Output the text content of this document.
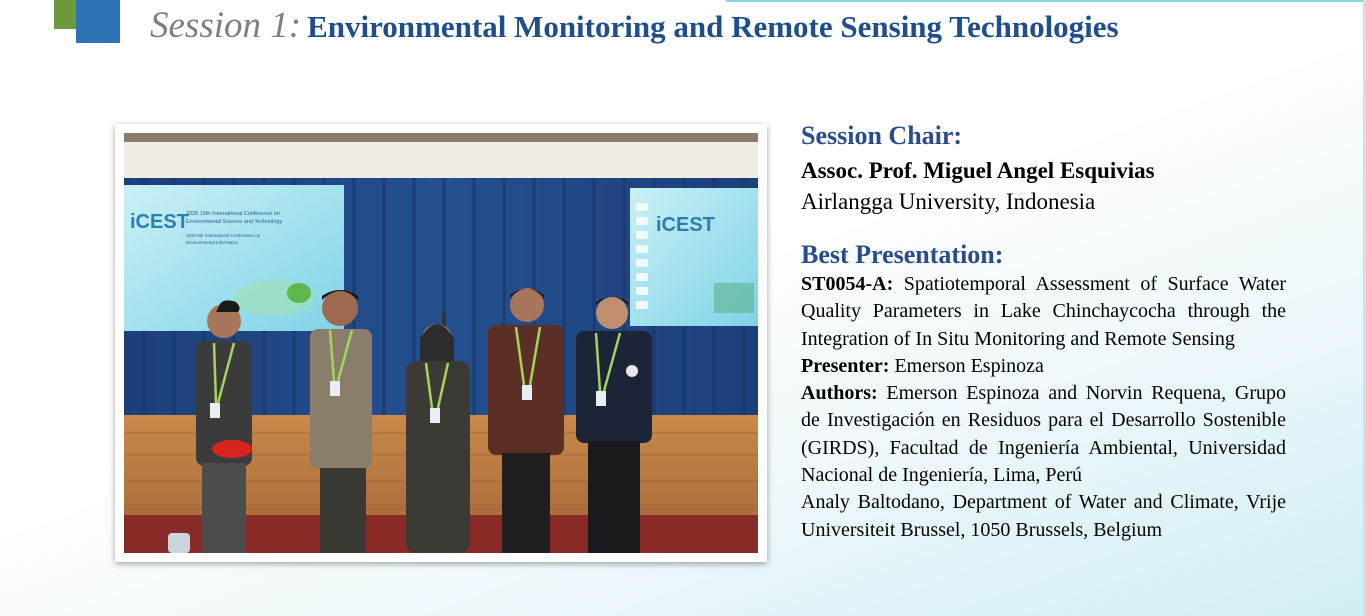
Session 1: Environmental Monitoring and Remote Sensing Technologies
iCEST
2025 16th International Conference on
Environmental Science and Technology
2025 6th International Conference on
Environmental Informatics
iCEST
Session Chair:
Assoc. Prof. Miguel Angel Esquivias
Airlangga University, Indonesia
Best Presentation:
ST0054-A: Spatiotemporal Assessment of Surface Water Quality Parameters in Lake Chinchaycocha through the Integration of In Situ Monitoring and Remote Sensing
Presenter: Emerson Espinoza
Authors: Emerson Espinoza and Norvin Requena, Grupo de Investigación en Residuos para el Desarrollo Sostenible (GIRDS), Facultad de Ingeniería Ambiental, Universidad Nacional de Ingeniería, Lima, Perú
Analy Baltodano, Department of Water and Climate, Vrije Universiteit Brussel, 1050 Brussels, Belgium
